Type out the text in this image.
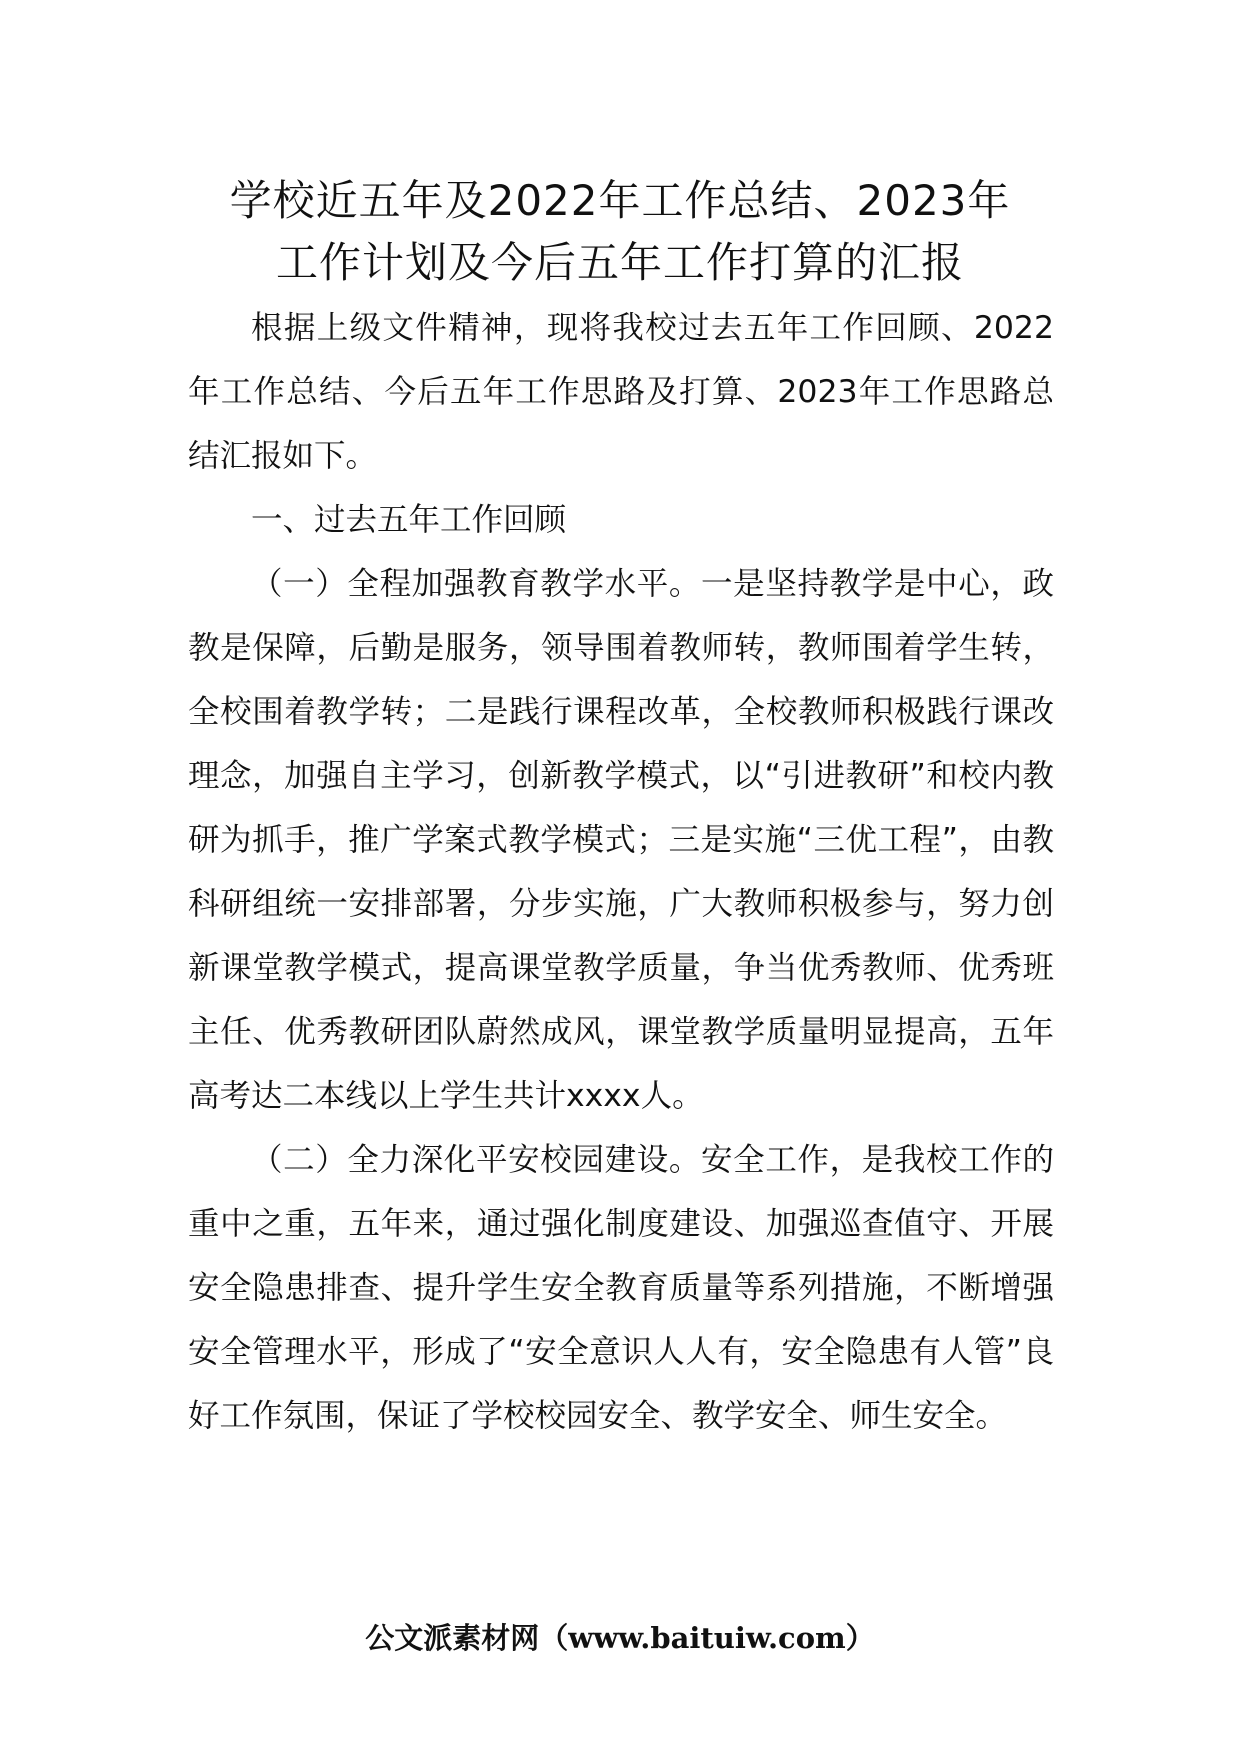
学校近五年及2022年工作总结、2023年
工作计划及今后五年工作打算的汇报

根据上级文件精神，现将我校过去五年工作回顾、2022年工作总结、今后五年工作思路及打算、2023年工作思路总结汇报如下。

一、过去五年工作回顾

（一）全程加强教育教学水平。一是坚持教学是中心，政教是保障，后勤是服务，领导围着教师转，教师围着学生转，全校围着教学转；二是践行课程改革，全校教师积极践行课改理念，加强自主学习，创新教学模式，以“引进教研”和校内教研为抓手，推广学案式教学模式；三是实施“三优工程”，由教科研组统一安排部署，分步实施，广大教师积极参与，努力创新课堂教学模式，提高课堂教学质量，争当优秀教师、优秀班主任、优秀教研团队蔚然成风，课堂教学质量明显提高，五年高考达二本线以上学生共计xxxx人。

（二）全力深化平安校园建设。安全工作，是我校工作的重中之重，五年来，通过强化制度建设、加强巡查值守、开展安全隐患排查、提升学生安全教育质量等系列措施，不断增强安全管理水平，形成了“安全意识人人有，安全隐患有人管”良好工作氛围，保证了学校校园安全、教学安全、师生安全。

公文派素材网（www.baituiw.com）
